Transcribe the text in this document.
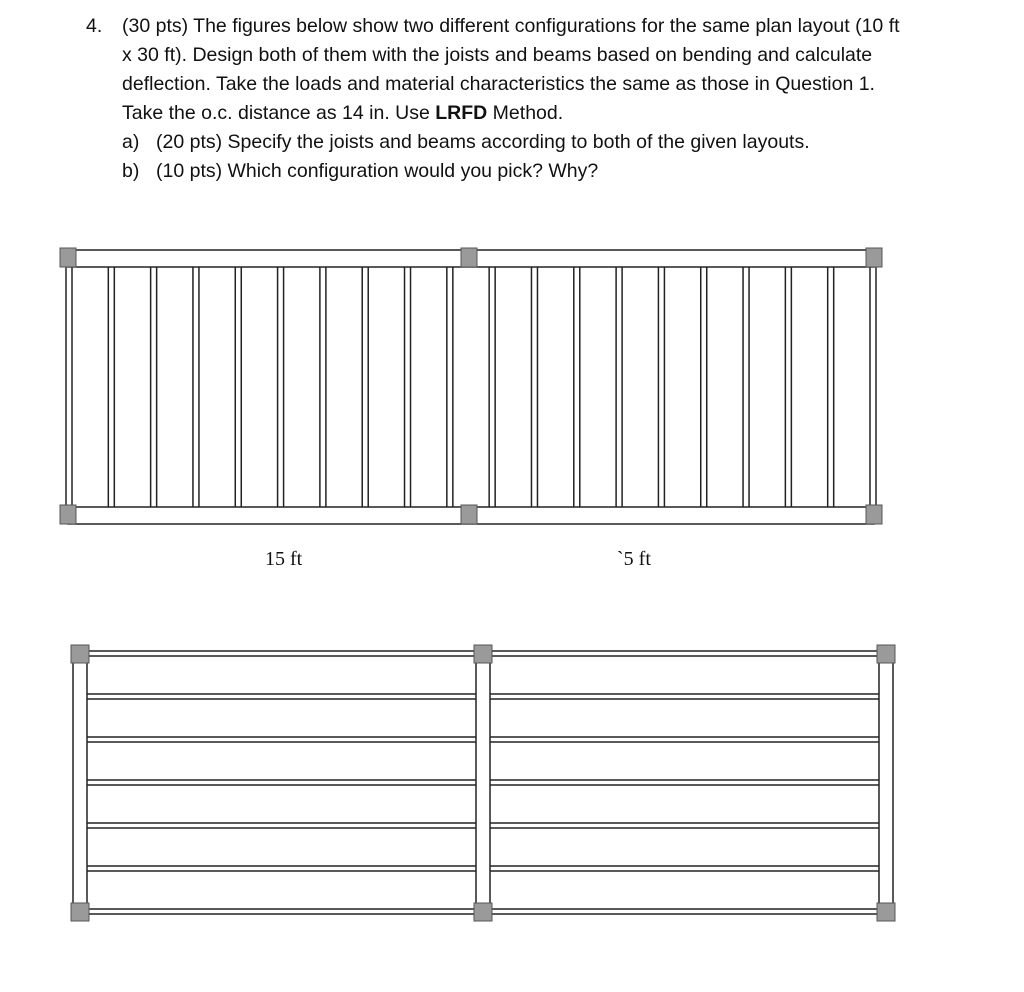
4. (30 pts) The figures below show two different configurations for the same plan layout (10 ft
x 30 ft). Design both of them with the joists and beams based on bending and calculate
deflection. Take the loads and material characteristics the same as those in Question 1.
Take the o.c. distance as 14 in. Use LRFD Method.
a) (20 pts) Specify the joists and beams according to both of the given layouts.
b) (10 pts) Which configuration would you pick? Why?
15 ft	`5 ft
